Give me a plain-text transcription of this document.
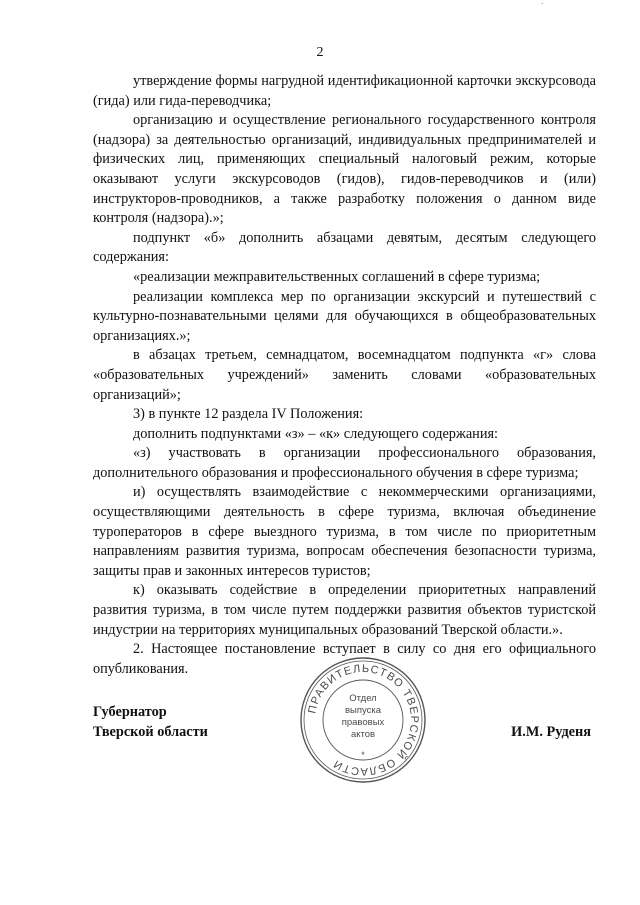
`
2

утверждение формы нагрудной идентификационной карточки экскурсовода (гида) или гида-переводчика;

организацию и осуществление регионального государственного контроля (надзора) за деятельностью организаций, индивидуальных предпринимателей и физических лиц, применяющих специальный налоговый режим, которые оказывают услуги экскурсоводов (гидов), гидов-переводчиков и (или) инструкторов-проводников, а также разработку положения о данном виде контроля (надзора).»;

подпункт «б» дополнить абзацами девятым, десятым следующего содержания:

«реализации межправительственных соглашений в сфере туризма;

реализации комплекса мер по организации экскурсий и путешествий с культурно-познавательными целями для обучающихся в общеобразовательных организациях.»;

в абзацах третьем, семнадцатом, восемнадцатом подпункта «г» слова «образовательных учреждений» заменить словами «образовательных организаций»;

3) в пункте 12 раздела IV Положения:

дополнить подпунктами «з» – «к» следующего содержания:

«з) участвовать в организации профессионального образования, дополнительного образования и профессионального обучения в сфере туризма;

и) осуществлять взаимодействие с некоммерческими организациями, осуществляющими деятельность в сфере туризма, включая объединение туроператоров в сфере выездного туризма, в том числе по приоритетным направлениям развития туризма, вопросам обеспечения безопасности туризма, защиты прав и законных интересов туристов;

к) оказывать содействие в определении приоритетных направлений развития туризма, в том числе путем поддержки развития объектов туристской индустрии на территориях муниципальных образований Тверской области.».

2. Настоящее постановление вступает в силу со дня его официального опубликования.

ПРАВИТЕЛЬСТВО ТВЕРСКОЙ ОБЛАСТИ
*
Отдел
выпуска
правовых
актов
Губернатор
Тверской области	И.М. Руденя
